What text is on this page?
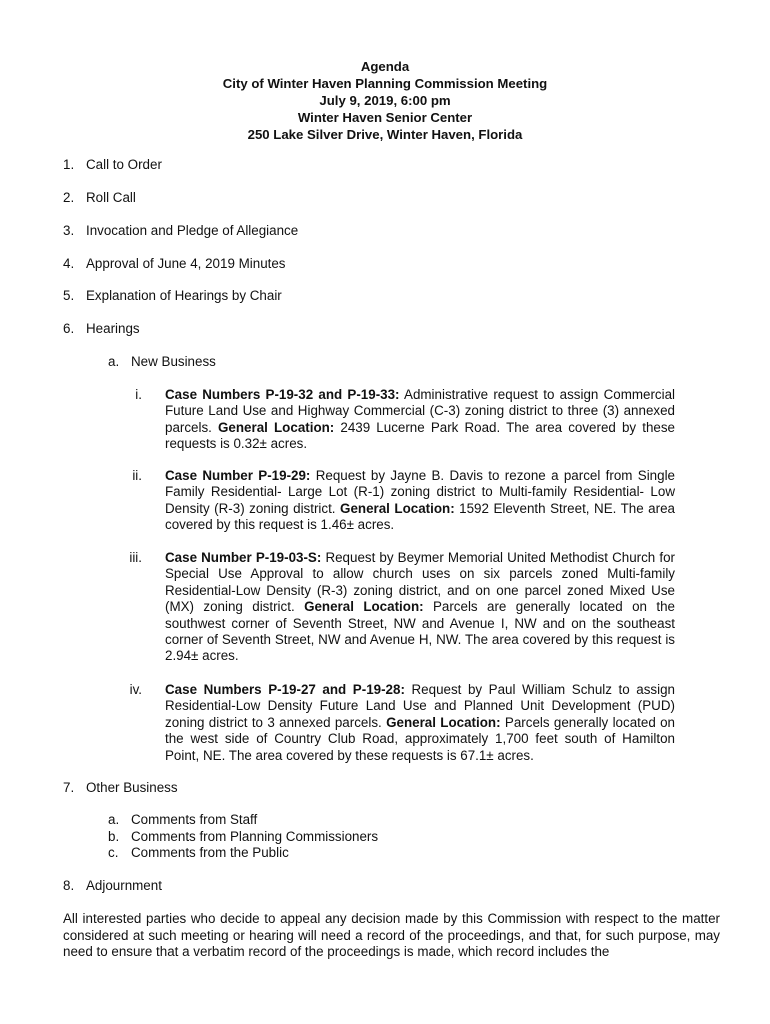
Agenda
City of Winter Haven Planning Commission Meeting
July 9, 2019, 6:00 pm
Winter Haven Senior Center
250 Lake Silver Drive, Winter Haven, Florida
1. Call to Order
2. Roll Call
3. Invocation and Pledge of Allegiance
4. Approval of June 4, 2019 Minutes
5. Explanation of Hearings by Chair
6. Hearings
a. New Business
i. Case Numbers P-19-32 and P-19-33: Administrative request to assign Commercial Future Land Use and Highway Commercial (C-3) zoning district to three (3) annexed parcels. General Location: 2439 Lucerne Park Road. The area covered by these requests is 0.32± acres.
ii. Case Number P-19-29: Request by Jayne B. Davis to rezone a parcel from Single Family Residential- Large Lot (R-1) zoning district to Multi-family Residential- Low Density (R-3) zoning district. General Location: 1592 Eleventh Street, NE. The area covered by this request is 1.46± acres.
iii. Case Number P-19-03-S: Request by Beymer Memorial United Methodist Church for Special Use Approval to allow church uses on six parcels zoned Multi-family Residential-Low Density (R-3) zoning district, and on one parcel zoned Mixed Use (MX) zoning district. General Location: Parcels are generally located on the southwest corner of Seventh Street, NW and Avenue I, NW and on the southeast corner of Seventh Street, NW and Avenue H, NW. The area covered by this request is 2.94± acres.
iv. Case Numbers P-19-27 and P-19-28: Request by Paul William Schulz to assign Residential-Low Density Future Land Use and Planned Unit Development (PUD) zoning district to 3 annexed parcels. General Location: Parcels generally located on the west side of Country Club Road, approximately 1,700 feet south of Hamilton Point, NE. The area covered by these requests is 67.1± acres.
7. Other Business
a. Comments from Staff
b. Comments from Planning Commissioners
c. Comments from the Public
8. Adjournment
All interested parties who decide to appeal any decision made by this Commission with respect to the matter considered at such meeting or hearing will need a record of the proceedings, and that, for such purpose, may need to ensure that a verbatim record of the proceedings is made, which record includes the
